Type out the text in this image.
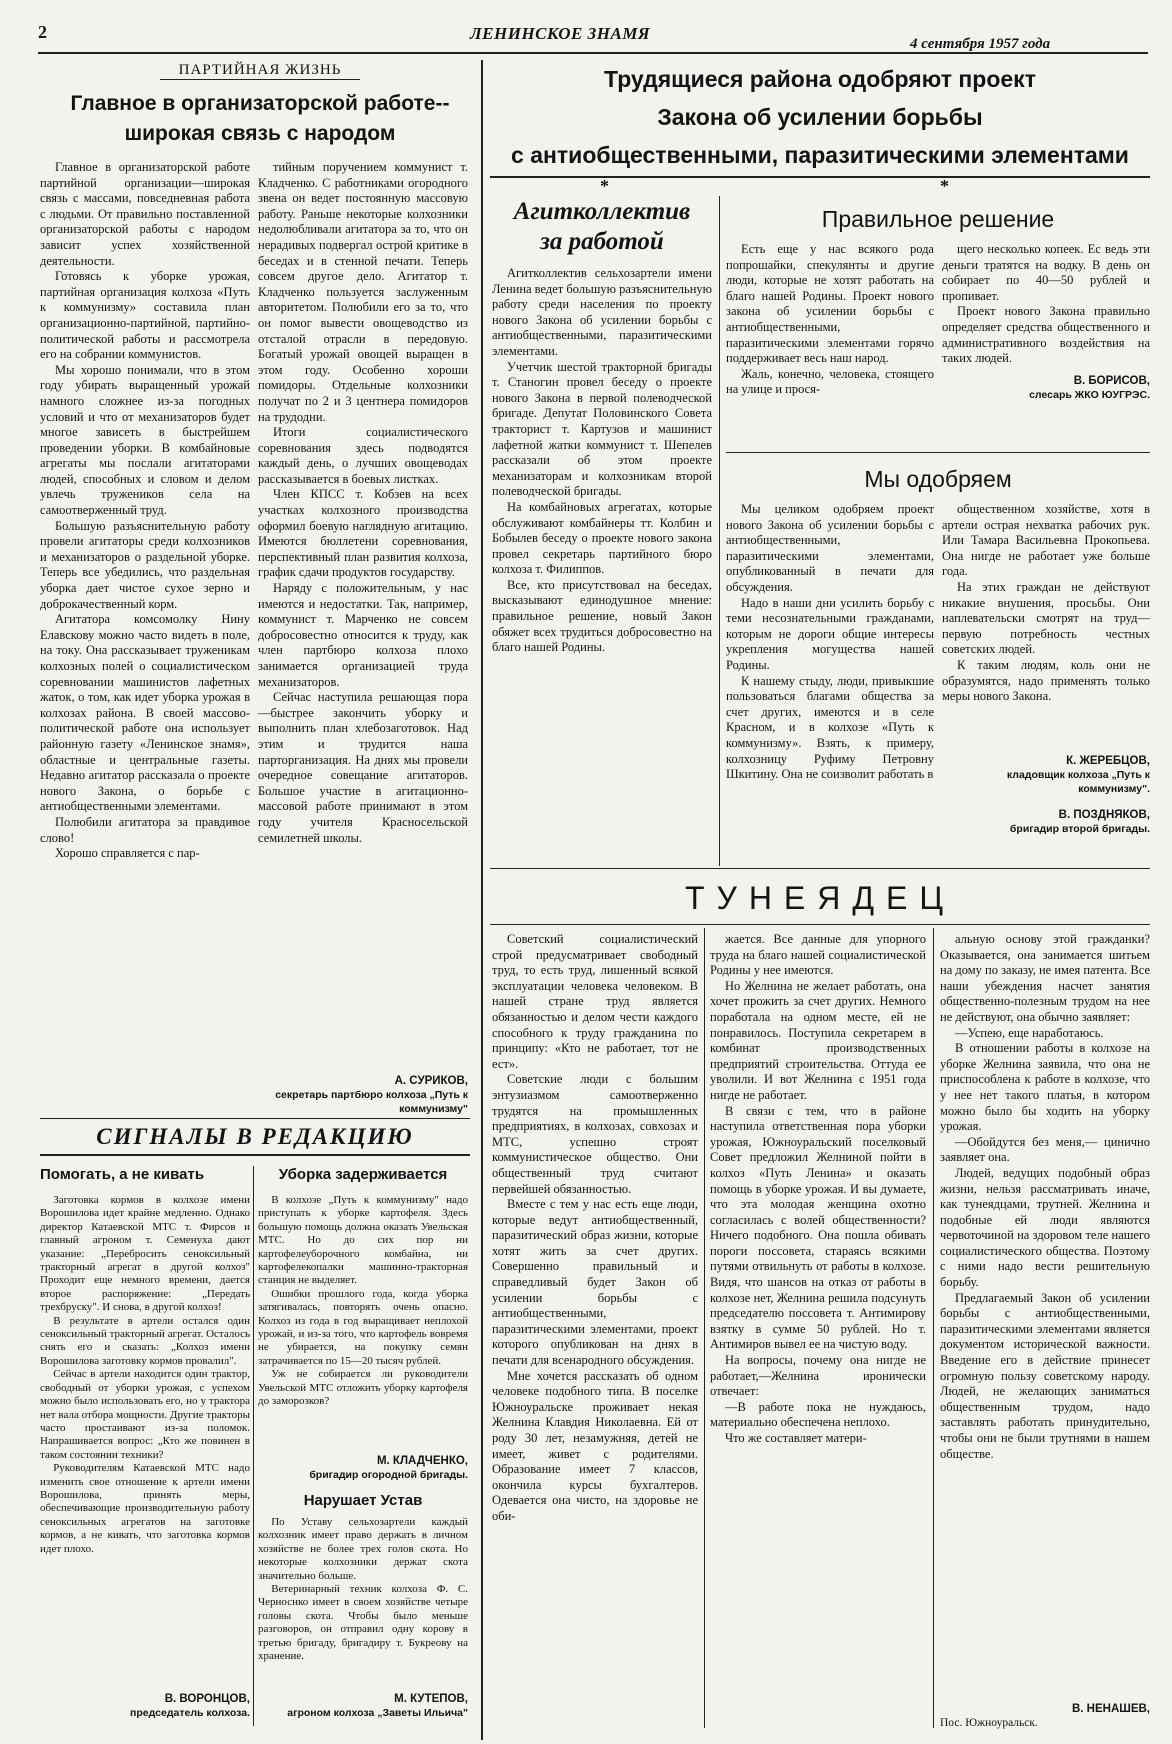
2	ЛЕНИНСКОЕ ЗНАМЯ
4 сентября 1957 года
ПАРТИЙНАЯ ЖИЗНЬ
Главное в организаторской работе--
широкая связь с народом

Главное в организаторской работе партийной организации—широкая связь с массами, повседневная работа с людьми. От правильно поставленной организаторской работы с народом зависит успех хозяйственной деятельности.

Готовясь к уборке урожая, партийная организация колхоза «Путь к коммунизму» составила план организационно-партийной, партийно-политической работы и рассмотрела его на собрании коммунистов.

Мы хорошо понимали, что в этом году убирать выращенный урожай намного сложнее из-за погодных условий и что от механизаторов будет многое зависеть в быстрейшем проведении уборки. В комбайновые агрегаты мы послали агитаторами людей, способных и словом и делом увлечь тружеников села на самоотверженный труд.

Большую разъяснительную работу провели агитаторы среди колхозников и механизаторов о раздельной уборке. Теперь все убедились, что раздельная уборка дает чистое сухое зерно и доброкачественный корм.

Агитатора комсомолку Нину Елавскову можно часто видеть в поле, на току. Она рассказывает труженикам колхозных полей о социалистическом соревновании машинистов лафетных жаток, о том, как идет уборка урожая в колхозах района. В своей массово-политической работе она использует районную газету «Ленинское знамя», областные и центральные газеты. Недавно агитатор рассказала о проекте нового Закона, о борьбе с антиобщественными элементами.

Полюбили агитатора за правдивое слово!

Хорошо справляется с пар-

тийным поручением коммунист т. Кладченко. С работниками огородного звена он ведет постоянную массовую работу. Раньше некоторые колхозники недолюбливали агитатора за то, что он нерадивых подвергал острой критике в беседах и в стенной печати. Теперь совсем другое дело. Агитатор т. Кладченко пользуется заслуженным авторитетом. Полюбили его за то, что он помог вывести овощеводство из отсталой отрасли в передовую. Богатый урожай овощей выращен в этом году. Особенно хороши помидоры. Отдельные колхозники получат по 2 и 3 центнера помидоров на трудодни.

Итоги социалистического соревнования здесь подводятся каждый день, о лучших овощеводах рассказывается в боевых листках.

Член КПСС т. Кобзев на всех участках колхозного производства оформил боевую наглядную агитацию. Имеются бюллетени соревнования, перспективный план развития колхоза, график сдачи продуктов государству.

Наряду с положительным, у нас имеются и недостатки. Так, например, коммунист т. Марченко не совсем добросовестно относится к труду, как член партбюро колхоза плохо занимается организацией труда механизаторов.

Сейчас наступила решающая пора—быстрее закончить уборку и выполнить план хлебозаготовок. Над этим и трудится наша парторганизация. На днях мы провели очередное совещание агитаторов. Большое участие в агитационно-массовой работе принимают в этом году учителя Красносельской семилетней школы.

А. СУРИКОВ,
секретарь партбюро колхоза „Путь к коммунизму"
СИГНАЛЫ В РЕДАКЦИЮ
Помогать, а не кивать

Заготовка кормов в колхозе имени Ворошилова идет крайне медленно. Однако директор Катаевской МТС т. Фирсов и главный агроном т. Семенуха дают указание: „Перебросить сеноксильный тракторный агрегат в другой колхоз" Проходит еще немного времени, дается второе распоряжение: „Передать трехбруску". И снова, в другой колхоз!

В результате в артели остался один сеноксильный тракторный агрегат. Осталось снять его и сказать: „Колхоз имени Ворошилова заготовку кормов провалил".

Сейчас в артели находится один трактор, свободный от уборки урожая, с успехом можно было использовать его, но у трактора нет вала отбора мощности. Другие тракторы часто простаивают из-за поломок. Напрашивается вопрос: „Кто же повинен в таком состоянии техники?

Руководителям Катаевской МТС надо изменить свое отношение к артели имени Ворошилова, принять меры, обеспечивающие производительную работу сеноксильных агрегатов на заготовке кормов, а не кивать, что заготовка кормов идет плохо.

В. ВОРОНЦОВ,
председатель колхоза.
Уборка задерживается

В колхозе „Путь к коммунизму" надо приступать к уборке картофеля. Здесь большую помощь должна оказать Увельская МТС. Но до сих пор ни картофелеуборочного комбайна, ни картофелекопалки машинно-тракторная станция не выделяет.

Ошибки прошлого года, когда уборка затягивалась, повторять очень опасно. Колхоз из года в год выращивает неплохой урожай, и из-за того, что картофель вовремя не убирается, на покупку семян затрачивается по 15—20 тысяч рублей.

Уж не собирается ли руководители Увельской МТС отложить уборку картофеля до заморозков?

М. КЛАДЧЕНКО,
бригадир огородной бригады.
Нарушает Устав

По Уставу сельхозартели каждый колхозник имеет право держать в личном хозяйстве не более трех голов скота. Но некоторые колхозники держат скота значительно больше.

Ветеринарный техник колхоза Ф. С. Черноснко имеет в своем хозяйстве четыре головы скота. Чтобы было меньше разговоров, он отправил одну корову в третью бригаду, бригадиру т. Букреову на хранение.

М. КУТЕПОВ,
агроном колхоза „Заветы Ильича"
Трудящиеся района одобряют проект
Закона об усилении борьбы
с антиобщественными, паразитическими элементами
*	*
Агитколлектив
за работой

Агитколлектив сельхозартели имени Ленина ведет большую разъяснительную работу среди населения по проекту нового Закона об усилении борьбы с антиобщественными, паразитическими элементами.

Учетчик шестой тракторной бригады т. Станогин провел беседу о проекте нового Закона в первой полеводческой бригаде. Депутат Половинского Совета тракторист т. Картузов и машинист лафетной жатки коммунист т. Шепелев рассказали об этом проекте механизаторам и колхозникам второй полеводческой бригады.

На комбайновых агрегатах, которые обслуживают комбайнеры тт. Колбин и Бобылев беседу о проекте нового закона провел секретарь партийного бюро колхоза т. Филиппов.

Все, кто присутствовал на беседах, высказывают единодушное мнение: правильное решение, новый Закон обяжет всех трудиться добросовестно на благо нашей Родины.

Правильное решение

Есть еще у нас всякого рода попрошайки, спекулянты и другие люди, которые не хотят работать на благо нашей Родины. Проект нового закона об усилении борьбы с антиобщественными, паразитическими элементами горячо поддерживает весь наш народ.

Жаль, конечно, человека, стоящего на улице и прося-

щего несколько копеек. Ес ведь эти деньги тратятся на водку. В день он собирает по 40—50 рублей и пропивает.

Проект нового Закона правильно определяет средства общественного и административного воздействия на таких людей.

В. БОРИСОВ,
слесарь ЖКО ЮУГРЭС.
Мы одобряем

Мы целиком одобряем проект нового Закона об усилении борьбы с антиобщественными, паразитическими элементами, опубликованный в печати для обсуждения.

Надо в наши дни усилить борьбу с теми несознательными гражданами, которым не дороги общие интересы укрепления могущества нашей Родины.

К нашему стыду, люди, привыкшие пользоваться благами общества за счет других, имеются и в селе Красном, и в колхозе «Путь к коммунизму». Взять, к примеру, колхозницу Руфиму Петровну Шкитину. Она не соизволит работать в

общественном хозяйстве, хотя в артели острая нехватка рабочих рук. Или Тамара Васильевна Прокопьева. Она нигде не работает уже больше года.

На этих граждан не действуют никакие внушения, просьбы. Они наплевательски смотрят на труд—первую потребность честных советских людей.

К таким людям, коль они не образумятся, надо применять только меры нового Закона.

К. ЖЕРЕБЦОВ,
кладовщик колхоза „Путь к коммунизму".
В. ПОЗДНЯКОВ,
бригадир второй бригады.
ТУНЕЯДЕЦ

Советский социалистический строй предусматривает свободный труд, то есть труд, лишенный всякой эксплуатации человека человеком. В нашей стране труд является обязанностью и делом чести каждого способного к труду гражданина по принципу: «Кто не работает, тот не ест».

Советские люди с большим энтузиазмом самоотверженно трудятся на промышленных предприятиях, в колхозах, совхозах и МТС, успешно строят коммунистическое общество. Они общественный труд считают первейшей обязанностью.

Вместе с тем у нас есть еще люди, которые ведут антиобщественный, паразитический образ жизни, которые хотят жить за счет других. Совершенно правильный и справедливый будет Закон об усилении борьбы с антиобщественными, паразитическими элементами, проект которого опубликован на днях в печати для всенародного обсуждения.

Мне хочется рассказать об одном человеке подобного типа. В поселке Южноуральске проживает некая Желнина Клавдия Николаевна. Ей от роду 30 лет, незамужняя, детей не имеет, живет с родителями. Образование имеет 7 классов, окончила курсы бухгалтеров. Одевается она чисто, на здоровье не оби-

жается. Все данные для упорного труда на благо нашей социалистической Родины у нее имеются.

Но Желнина не желает работать, она хочет прожить за счет других. Немного поработала на одном месте, ей не понравилось. Поступила секретарем в комбинат производственных предприятий строительства. Оттуда ее уволили. И вот Желнина с 1951 года нигде не работает.

В связи с тем, что в районе наступила ответственная пора уборки урожая, Южноуральский поселковый Совет предложил Желниной пойти в колхоз «Путь Ленина» и оказать помощь в уборке урожая. И вы думаете, что эта молодая женщина охотно согласилась с волей общественности? Ничего подобного. Она пошла обивать пороги поссовета, стараясь всякими путями отвильнуть от работы в колхозе. Видя, что шансов на отказ от работы в колхозе нет, Желнина решила подсунуть председателю поссовета т. Антимирову взятку в сумме 50 рублей. Но т. Антимиров вывел ее на чистую воду.

На вопросы, почему она нигде не работает,—Желнина иронически отвечает:

—В работе пока не нуждаюсь, материально обеспечена неплохо.

Что же составляет матери-

альную основу этой гражданки? Оказывается, она занимается шитьем на дому по заказу, не имея патента. Все наши убеждения насчет занятия общественно-полезным трудом на нее не действуют, она обычно заявляет:

—Успею, еще наработаюсь.

В отношении работы в колхозе на уборке Желнина заявила, что она не приспособлена к работе в колхозе, что у нее нет такого платья, в котором можно было бы ходить на уборку урожая.

—Обойдутся без меня,— цинично заявляет она.

Людей, ведущих подобный образ жизни, нельзя рассматривать иначе, как тунеядцами, трутней. Желнина и подобные ей люди являются червоточиной на здоровом теле нашего социалистического общества. Поэтому с ними надо вести решительную борьбу.

Предлагаемый Закон об усилении борьбы с антиобщественными, паразитическими элементами является документом исторической важности. Введение его в действие принесет огромную пользу советскому народу. Людей, не желающих заниматься общественным трудом, надо заставлять работать принудительно, чтобы они не были трутнями в нашем обществе.

В. НЕНАШЕВ,
Пос. Южноуральск.
